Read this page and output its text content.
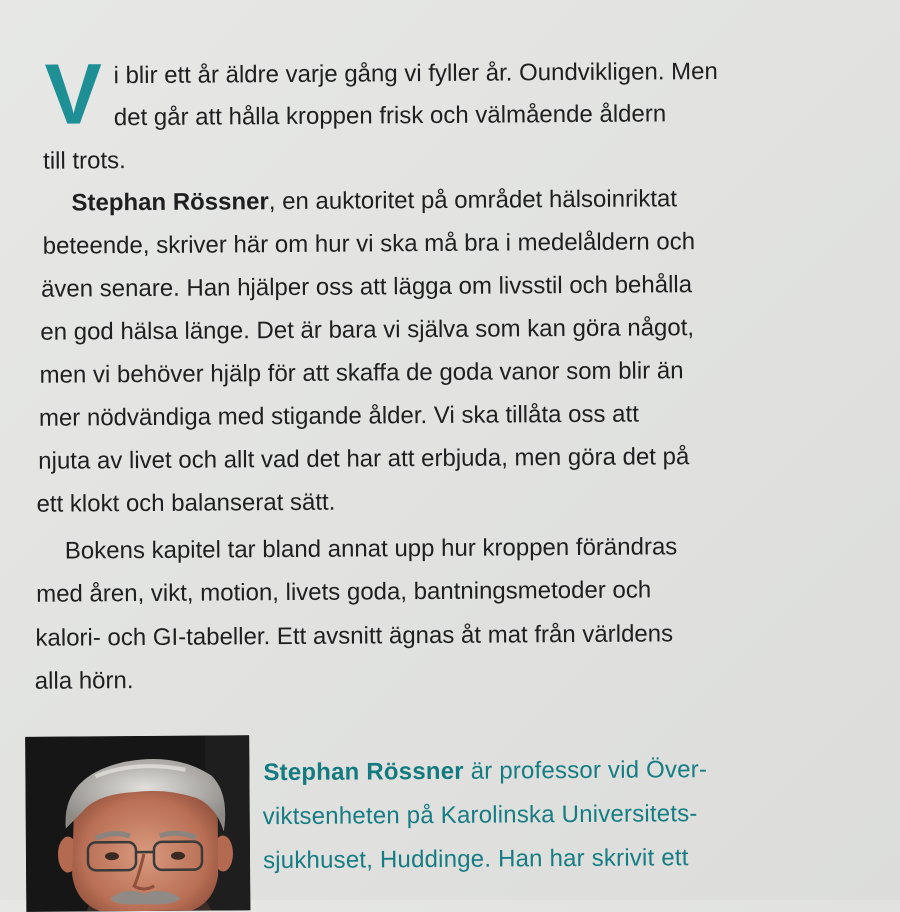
V i blir ett år äldre varje gång vi fyller år. Oundvikligen. Men
det går att hålla kroppen frisk och välmående åldern
till trots.
Stephan Rössner, en auktoritet på området hälsoinriktat
beteende, skriver här om hur vi ska må bra i medelåldern och
även senare. Han hjälper oss att lägga om livsstil och behålla
en god hälsa länge. Det är bara vi själva som kan göra något,
men vi behöver hjälp för att skaffa de goda vanor som blir än
mer nödvändiga med stigande ålder. Vi ska tillåta oss att
njuta av livet och allt vad det har att erbjuda, men göra det på
ett klokt och balanserat sätt.
Bokens kapitel tar bland annat upp hur kroppen förändras
med åren, vikt, motion, livets goda, bantningsmetoder och
kalori- och GI-tabeller. Ett avsnitt ägnas åt mat från världens
alla hörn.
Stephan Rössner är professor vid Över-
viktsenheten på Karolinska Universitets-
sjukhuset, Huddinge. Han har skrivit ett
